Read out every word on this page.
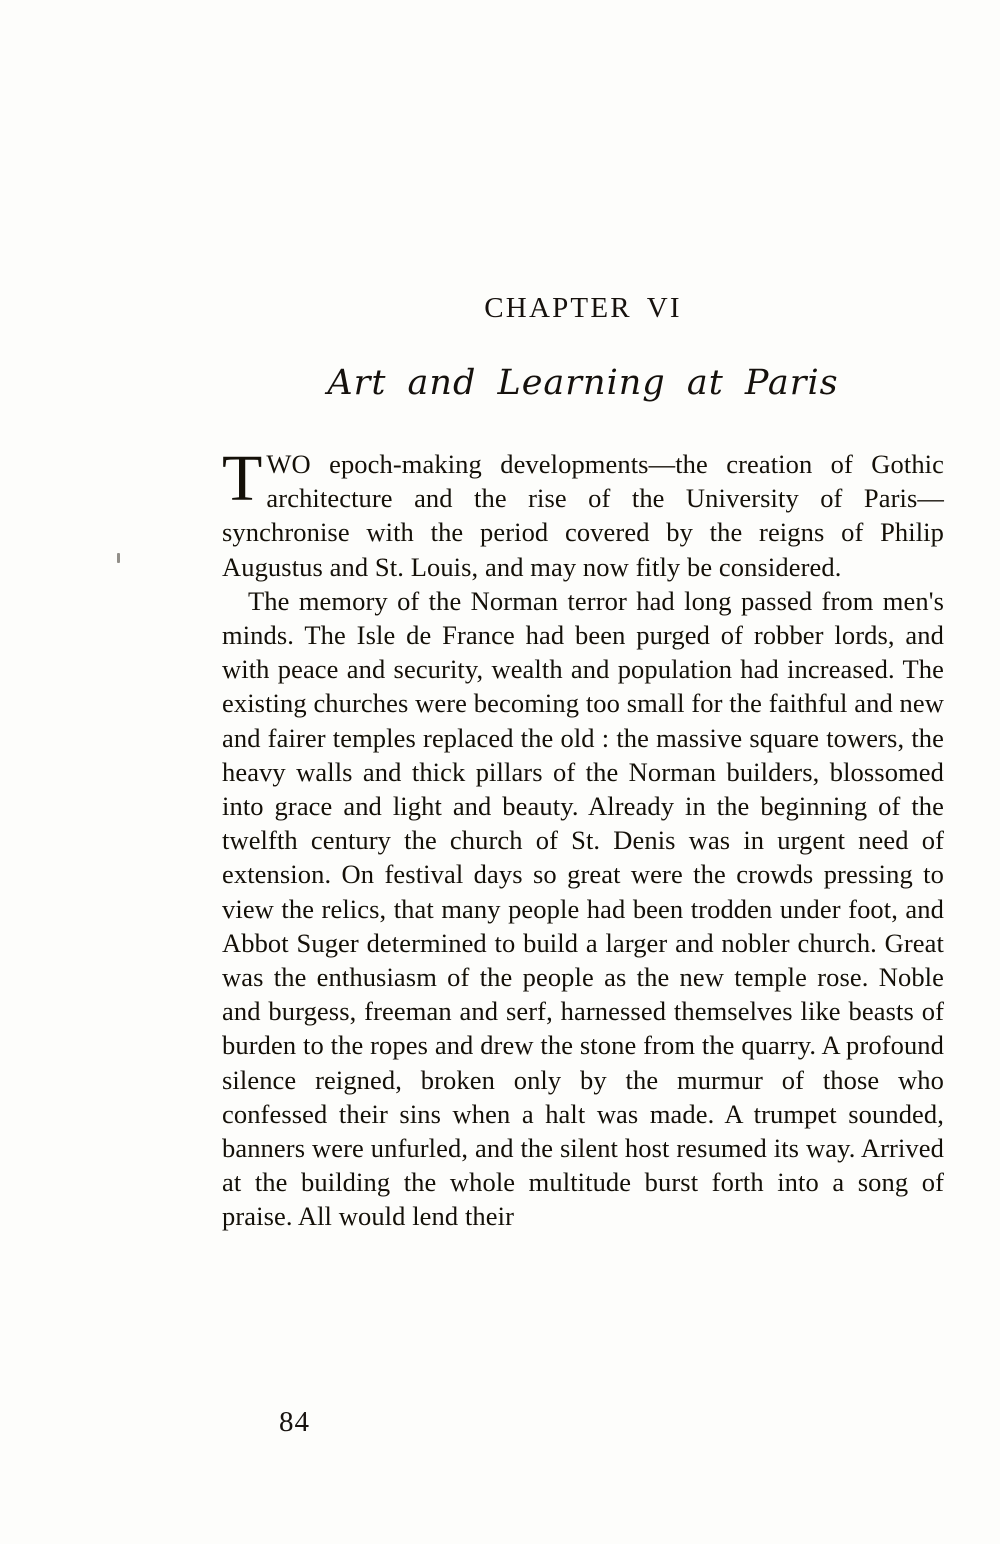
CHAPTER VI
Art and Learning at Paris

TWO epoch-making developments—the creation of Gothic architecture and the rise of the University of Paris—synchronise with the period covered by the reigns of Philip Augustus and St. Louis, and may now fitly be considered.

The memory of the Norman terror had long passed from men's minds. The Isle de France had been purged of robber lords, and with peace and security, wealth and population had increased. The existing churches were becoming too small for the faithful and new and fairer temples replaced the old : the massive square towers, the heavy walls and thick pillars of the Norman builders, blossomed into grace and light and beauty. Already in the beginning of the twelfth century the church of St. Denis was in urgent need of extension. On festival days so great were the crowds pressing to view the relics, that many people had been trodden under foot, and Abbot Suger determined to build a larger and nobler church. Great was the enthusiasm of the people as the new temple rose. Noble and burgess, freeman and serf, harnessed themselves like beasts of burden to the ropes and drew the stone from the quarry. A profound silence reigned, broken only by the murmur of those who confessed their sins when a halt was made. A trumpet sounded, banners were unfurled, and the silent host resumed its way. Arrived at the building the whole multitude burst forth into a song of praise. All would lend their

84
